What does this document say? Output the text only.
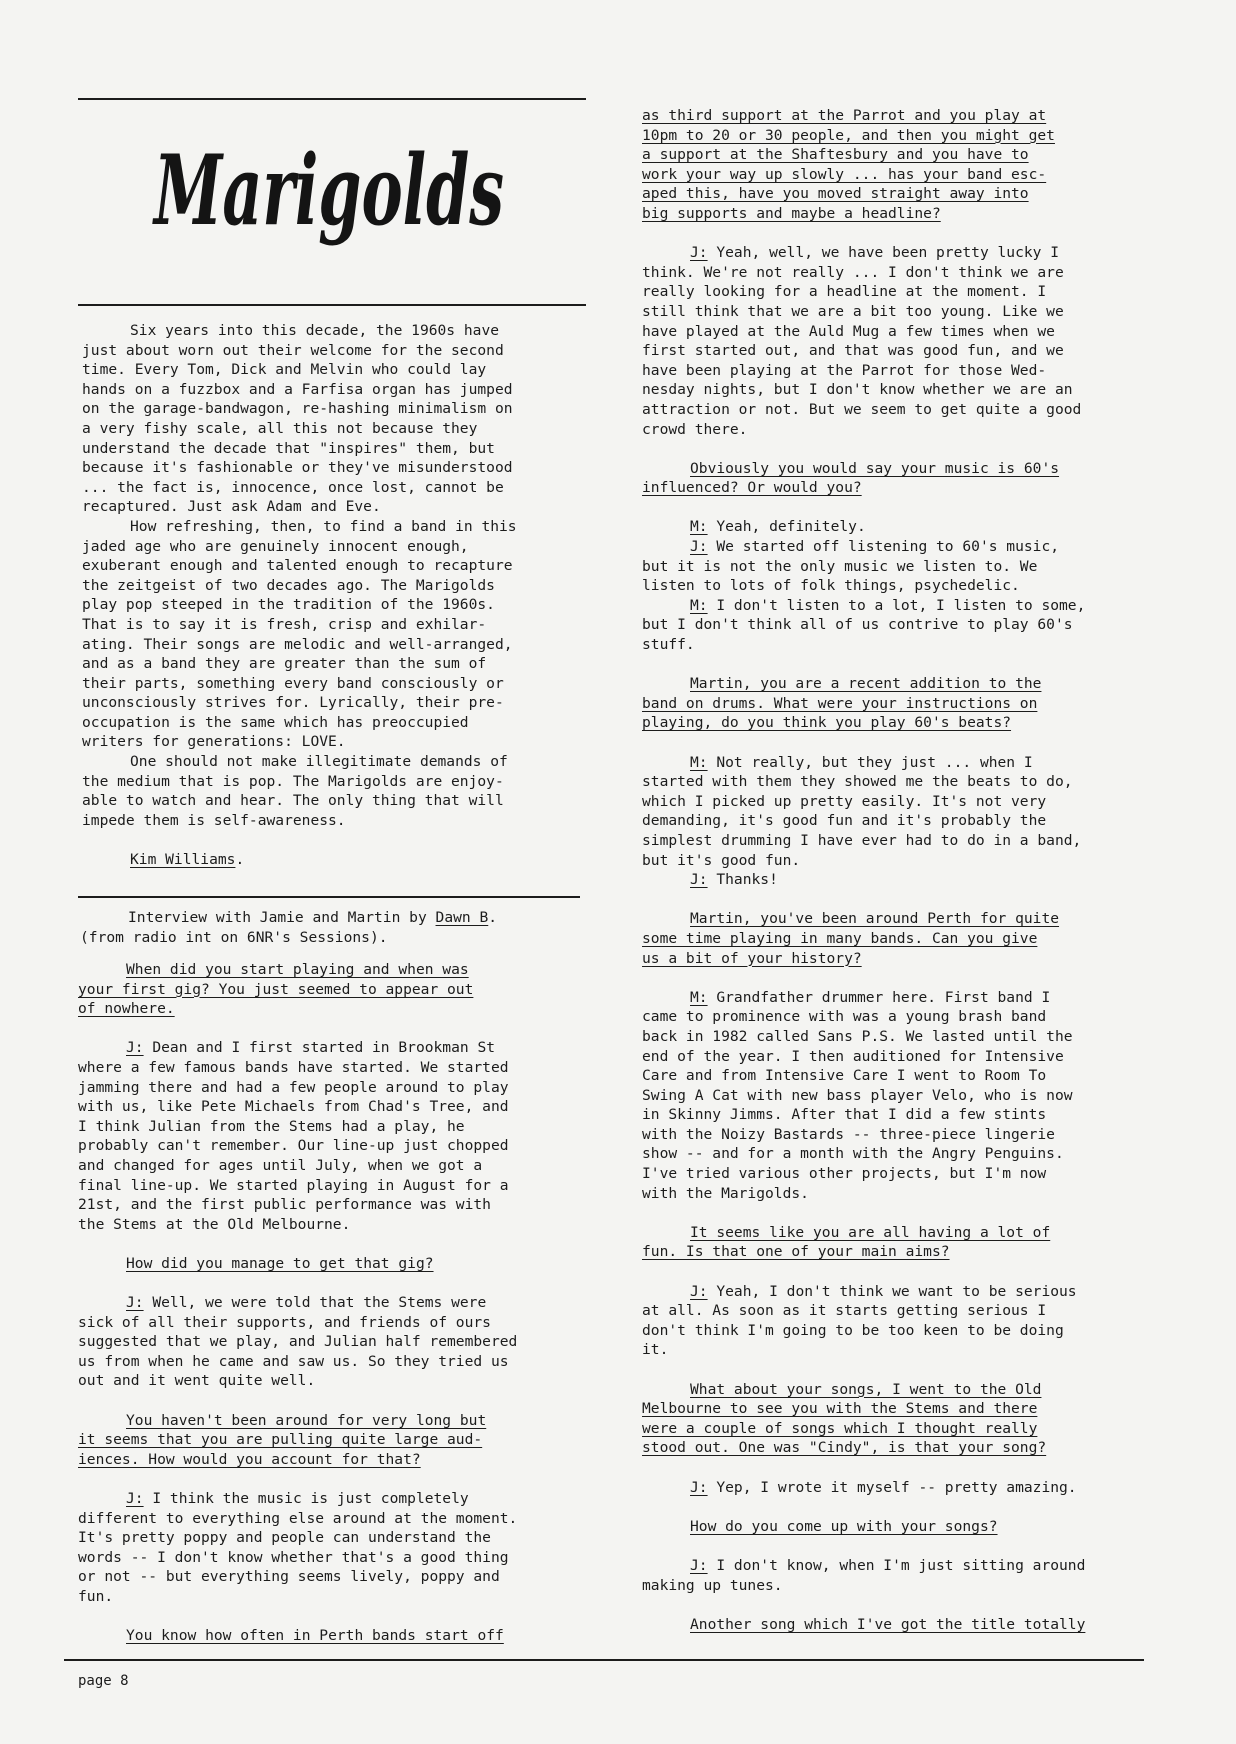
Marigolds

Six years into this decade, the 1960s have
just about worn out their welcome for the second
time. Every Tom, Dick and Melvin who could lay
hands on a fuzzbox and a Farfisa organ has jumped
on the garage-bandwagon, re-hashing minimalism on
a very fishy scale, all this not because they
understand the decade that "inspires" them, but
because it's fashionable or they've misunderstood
... the fact is, innocence, once lost, cannot be
recaptured. Just ask Adam and Eve.

How refreshing, then, to find a band in this
jaded age who are genuinely innocent enough,
exuberant enough and talented enough to recapture
the zeitgeist of two decades ago. The Marigolds
play pop steeped in the tradition of the 1960s.
That is to say it is fresh, crisp and exhilar-
ating. Their songs are melodic and well-arranged,
and as a band they are greater than the sum of
their parts, something every band consciously or
unconsciously strives for. Lyrically, their pre-
occupation is the same which has preoccupied
writers for generations: LOVE.

One should not make illegitimate demands of
the medium that is pop. The Marigolds are enjoy-
able to watch and hear. The only thing that will
impede them is self-awareness.

Kim Williams.

Interview with Jamie and Martin by Dawn B.
(from radio int on 6NR's Sessions).

When did you start playing and when was
your first gig? You just seemed to appear out
of nowhere.

J: Dean and I first started in Brookman St
where a few famous bands have started. We started
jamming there and had a few people around to play
with us, like Pete Michaels from Chad's Tree, and
I think Julian from the Stems had a play, he
probably can't remember. Our line-up just chopped
and changed for ages until July, when we got a
final line-up. We started playing in August for a
21st, and the first public performance was with
the Stems at the Old Melbourne.

How did you manage to get that gig?

J: Well, we were told that the Stems were
sick of all their supports, and friends of ours
suggested that we play, and Julian half remembered
us from when he came and saw us. So they tried us
out and it went quite well.

You haven't been around for very long but
it seems that you are pulling quite large aud-
iences. How would you account for that?

J: I think the music is just completely
different to everything else around at the moment.
It's pretty poppy and people can understand the
words -- I don't know whether that's a good thing
or not -- but everything seems lively, poppy and
fun.

You know how often in Perth bands start off

as third support at the Parrot and you play at
10pm to 20 or 30 people, and then you might get
a support at the Shaftesbury and you have to
work your way up slowly ... has your band esc-
aped this, have you moved straight away into
big supports and maybe a headline?

J: Yeah, well, we have been pretty lucky I
think. We're not really ... I don't think we are
really looking for a headline at the moment. I
still think that we are a bit too young. Like we
have played at the Auld Mug a few times when we
first started out, and that was good fun, and we
have been playing at the Parrot for those Wed-
nesday nights, but I don't know whether we are an
attraction or not. But we seem to get quite a good
crowd there.

Obviously you would say your music is 60's
influenced? Or would you?

M: Yeah, definitely.

J: We started off listening to 60's music,
but it is not the only music we listen to. We
listen to lots of folk things, psychedelic.

M: I don't listen to a lot, I listen to some,
but I don't think all of us contrive to play 60's
stuff.

Martin, you are a recent addition to the
band on drums. What were your instructions on
playing, do you think you play 60's beats?

M: Not really, but they just ... when I
started with them they showed me the beats to do,
which I picked up pretty easily. It's not very
demanding, it's good fun and it's probably the
simplest drumming I have ever had to do in a band,
but it's good fun.

J: Thanks!

Martin, you've been around Perth for quite
some time playing in many bands. Can you give
us a bit of your history?

M: Grandfather drummer here. First band I
came to prominence with was a young brash band
back in 1982 called Sans P.S. We lasted until the
end of the year. I then auditioned for Intensive
Care and from Intensive Care I went to Room To
Swing A Cat with new bass player Velo, who is now
in Skinny Jimms. After that I did a few stints
with the Noizy Bastards -- three-piece lingerie
show -- and for a month with the Angry Penguins.
I've tried various other projects, but I'm now
with the Marigolds.

It seems like you are all having a lot of
fun. Is that one of your main aims?

J: Yeah, I don't think we want to be serious
at all. As soon as it starts getting serious I
don't think I'm going to be too keen to be doing
it.

What about your songs, I went to the Old
Melbourne to see you with the Stems and there
were a couple of songs which I thought really
stood out. One was "Cindy", is that your song?

J: Yep, I wrote it myself -- pretty amazing.

How do you come up with your songs?

J: I don't know, when I'm just sitting around
making up tunes.

Another song which I've got the title totally

page 8
